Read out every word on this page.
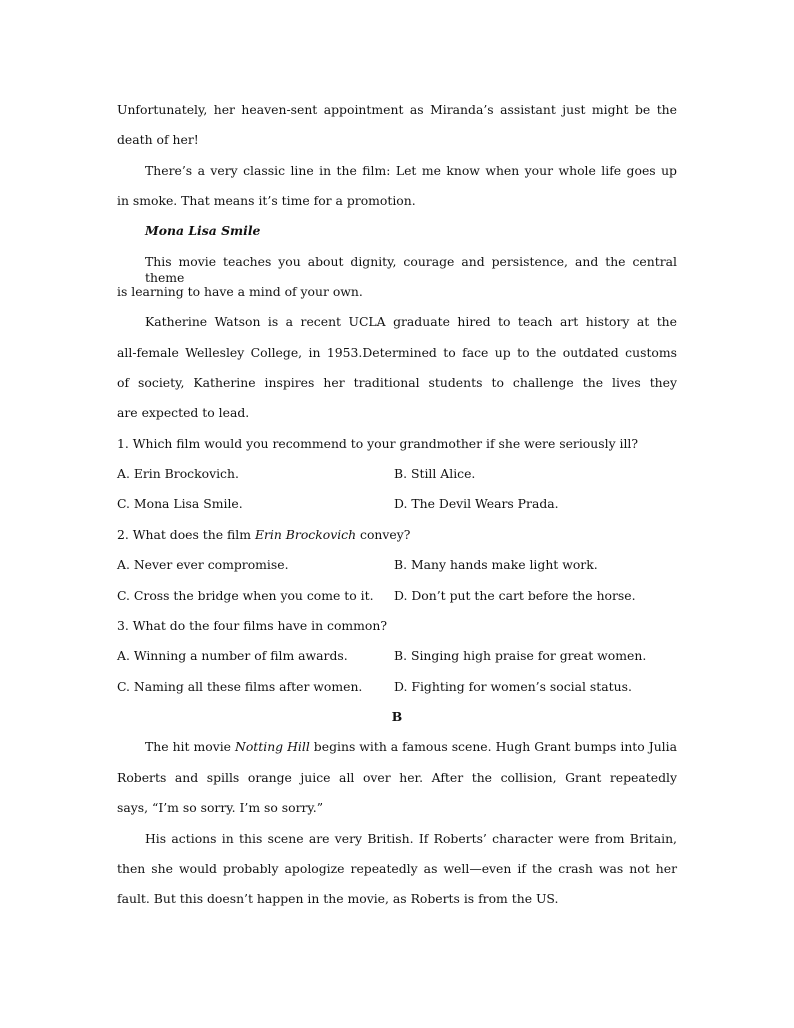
Unfortunately, her heaven-sent appointment as Miranda’s assistant just might be the
death of her!
There’s a very classic line in the film: Let me know when your whole life goes up
in smoke. That means it’s time for a promotion.
Mona Lisa Smile
This movie teaches you about dignity, courage and persistence, and the central theme
is learning to have a mind of your own.
Katherine Watson is a recent UCLA graduate hired to teach art history at the
all-female Wellesley College, in 1953.Determined to face up to the outdated customs
of society, Katherine inspires her traditional students to challenge the lives they
are expected to lead.
1. Which film would you recommend to your grandmother if she were seriously ill?
A. Erin Brockovich.	B. Still Alice.
C. Mona Lisa Smile.	D. The Devil Wears Prada.
2. What does the film Erin Brockovich convey?
A. Never ever compromise.	B. Many hands make light work.
C. Cross the bridge when you come to it. D. Don’t put the cart before the horse.
3. What do the four films have in common?
A. Winning a number of film awards.	B. Singing high praise for great women.
C. Naming all these films after women.	D. Fighting for women’s social status.
B
The hit movie Notting Hill begins with a famous scene. Hugh Grant bumps into Julia
Roberts and spills orange juice all over her. After the collision, Grant repeatedly
says, “I’m so sorry. I’m so sorry.”
His actions in this scene are very British. If Roberts’ character were from Britain,
then she would probably apologize repeatedly as well—even if the crash was not her
fault. But this doesn’t happen in the movie, as Roberts is from the US.
